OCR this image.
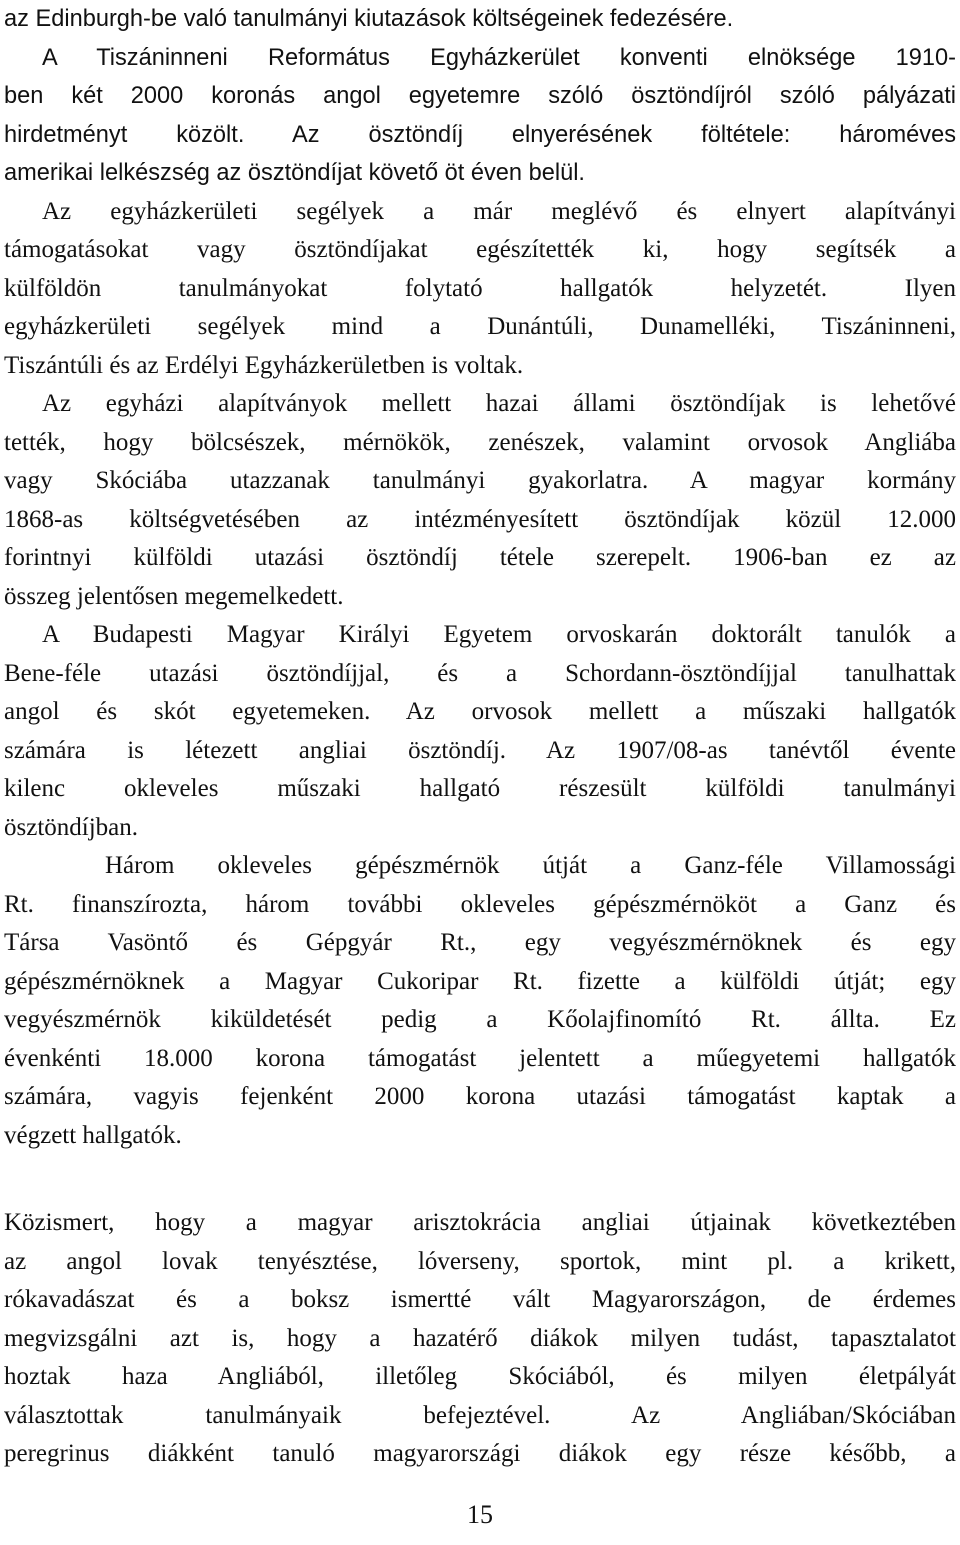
az Edinburgh-be való tanulmányi kiutazások költségeinek fedezésére.
A Tiszáninneni Református Egyházkerület konventi elnöksége 1910-
ben két 2000 koronás angol egyetemre szóló ösztöndíjról szóló pályázati
hirdetményt közölt. Az ösztöndíj elnyerésének föltétele: hároméves
amerikai lelkészség az ösztöndíjat követő öt éven belül.
Az egyházkerületi segélyek a már meglévő és elnyert alapítványi
támogatásokat vagy ösztöndíjakat egészítették ki, hogy segítsék a
külföldön tanulmányokat folytató hallgatók helyzetét. Ilyen
egyházkerületi segélyek mind a Dunántúli, Dunamelléki, Tiszáninneni,
Tiszántúli és az Erdélyi Egyházkerületben is voltak.
Az egyházi alapítványok mellett hazai állami ösztöndíjak is lehetővé
tették, hogy bölcsészek, mérnökök, zenészek, valamint orvosok Angliába
vagy Skóciába utazzanak tanulmányi gyakorlatra. A magyar kormány
1868-as költségvetésében az intézményesített ösztöndíjak közül 12.000
forintnyi külföldi utazási ösztöndíj tétele szerepelt. 1906-ban ez az
összeg jelentősen megemelkedett.
A Budapesti Magyar Királyi Egyetem orvoskarán doktorált tanulók a
Bene-féle utazási ösztöndíjjal, és a Schordann-ösztöndíjjal tanulhattak
angol és skót egyetemeken. Az orvosok mellett a műszaki hallgatók
számára is létezett angliai ösztöndíj. Az 1907/08-as tanévtől évente
kilenc okleveles műszaki hallgató részesült külföldi tanulmányi
ösztöndíjban.
Három okleveles gépészmérnök útját a Ganz-féle Villamossági
Rt. finanszírozta, három további okleveles gépészmérnököt a Ganz és
Társa Vasöntő és Gépgyár Rt., egy vegyészmérnöknek és egy
gépészmérnöknek a Magyar Cukoripar Rt. fizette a külföldi útját; egy
vegyészmérnök kiküldetését pedig a Kőolajfinomító Rt. állta. Ez
évenkénti 18.000 korona támogatást jelentett a műegyetemi hallgatók
számára, vagyis fejenként 2000 korona utazási támogatást kaptak a
végzett hallgatók.
Közismert, hogy a magyar arisztokrácia angliai útjainak következtében
az angol lovak tenyésztése, lóverseny, sportok, mint pl. a krikett,
rókavadászat és a boksz ismertté vált Magyarországon, de érdemes
megvizsgálni azt is, hogy a hazatérő diákok milyen tudást, tapasztalatot
hoztak haza Angliából, illetőleg Skóciából, és milyen életpályát
választottak tanulmányaik befejeztével. Az Angliában/Skóciában
peregrinus diákként tanuló magyarországi diákok egy része később, a
15
